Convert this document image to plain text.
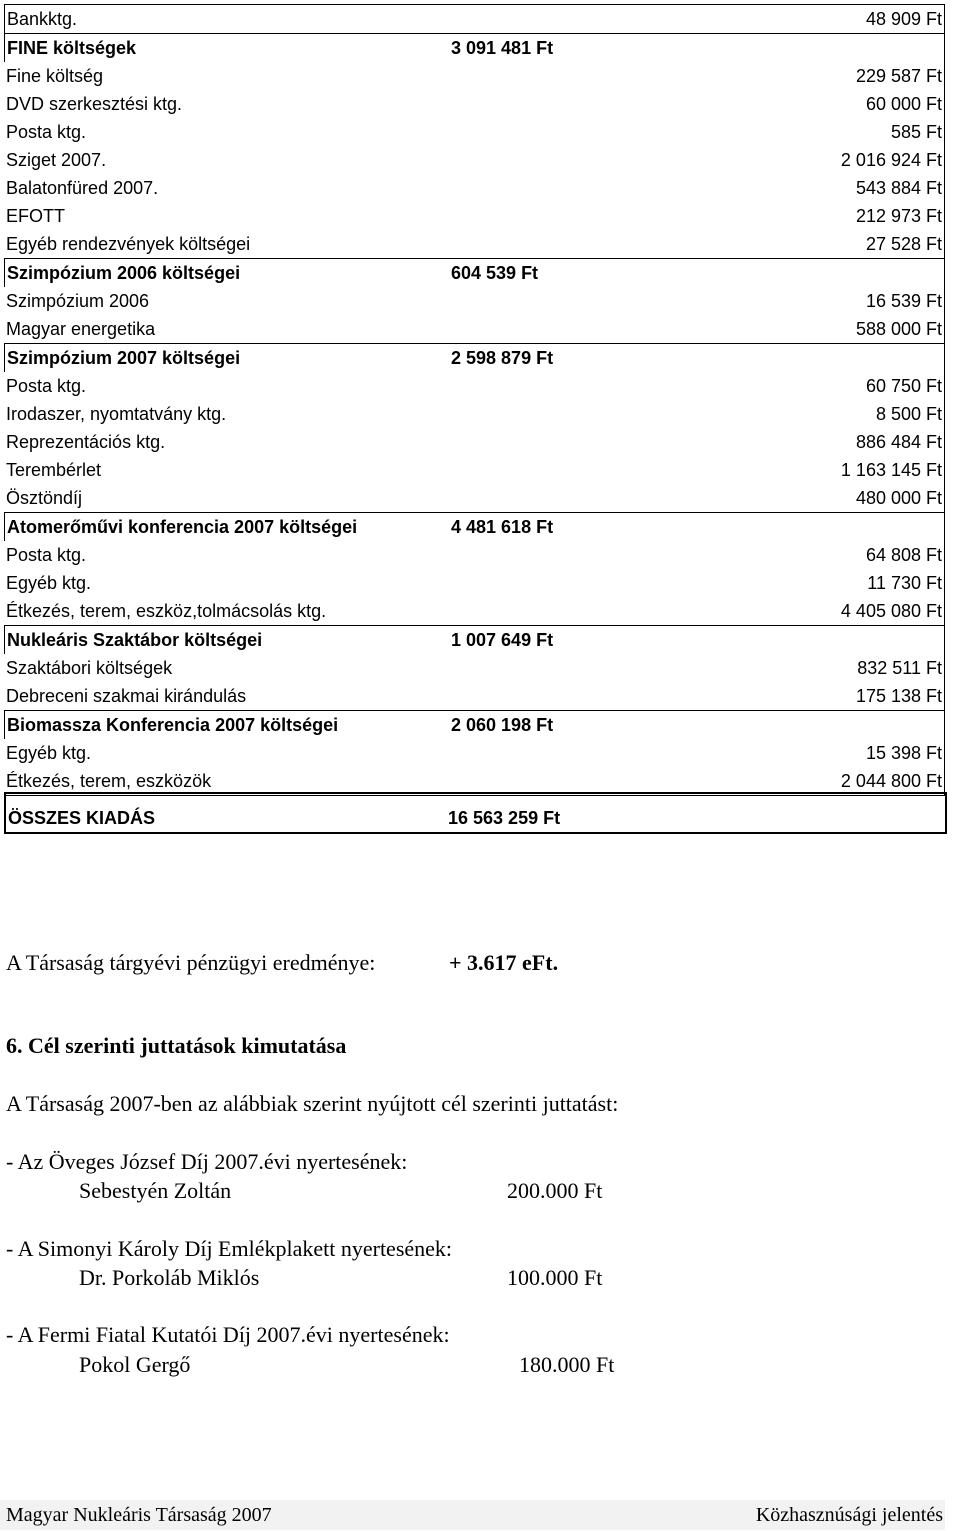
Bankktg.	48 909 Ft
FINE költségek	3 091 481 Ft
Fine költség	229 587 Ft
DVD szerkesztési ktg.	60 000 Ft
Posta ktg.	585 Ft
Sziget 2007.	2 016 924 Ft
Balatonfüred 2007.	543 884 Ft
EFOTT	212 973 Ft
Egyéb rendezvények költségei	27 528 Ft
Szimpózium 2006 költségei	604 539 Ft
Szimpózium 2006	16 539 Ft
Magyar energetika	588 000 Ft
Szimpózium 2007 költségei	2 598 879 Ft
Posta ktg.	60 750 Ft
Irodaszer, nyomtatvány ktg.	8 500 Ft
Reprezentációs ktg.	886 484 Ft
Terembérlet	1 163 145 Ft
Ösztöndíj	480 000 Ft
Atomerőművi konferencia 2007 költségei	4 481 618 Ft
Posta ktg.	64 808 Ft
Egyéb ktg.	11 730 Ft
Étkezés, terem, eszköz,tolmácsolás ktg.	4 405 080 Ft
Nukleáris Szaktábor költségei	1 007 649 Ft
Szaktábori költségek	832 511 Ft
Debreceni szakmai kirándulás	175 138 Ft
Biomassza Konferencia 2007 költségei	2 060 198 Ft
Egyéb ktg.	15 398 Ft
Étkezés, terem, eszközök	2 044 800 Ft
ÖSSZES KIADÁS	16 563 259 Ft
A Társaság tárgyévi pénzügyi eredménye:	+ 3.617 eFt.
6. Cél szerinti juttatások kimutatása
A Társaság 2007-ben az alábbiak szerint nyújtott cél szerinti juttatást:
- Az Öveges József Díj 2007.évi nyertesének:
Sebestyén Zoltán	200.000 Ft
- A Simonyi Károly Díj Emlékplakett nyertesének:
Dr. Porkoláb Miklós	100.000 Ft
- A Fermi Fiatal Kutatói Díj 2007.évi nyertesének:
Pokol Gergő	180.000 Ft
Magyar Nukleáris Társaság 2007	Közhasznúsági jelentés
